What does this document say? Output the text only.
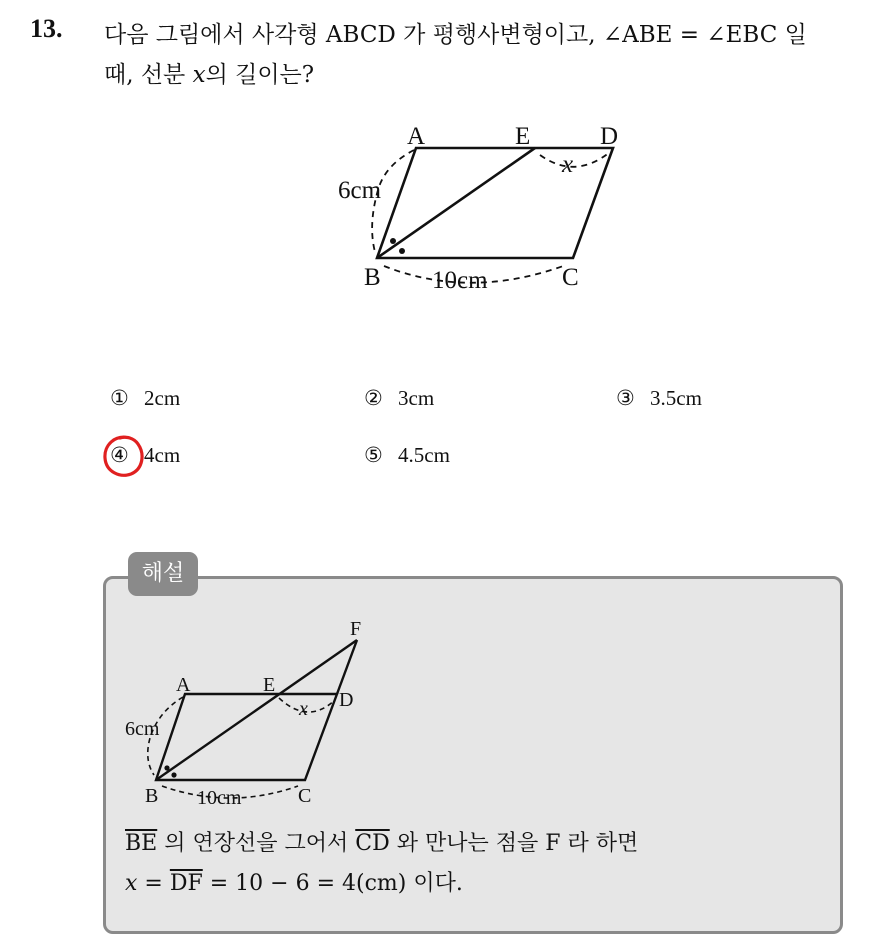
13. 다음 그림에서 사각형 ABCD 가 평행사변형이고, ∠ABE = ∠EBC 일
때, 선분 x의 길이는?
A	E	D
B	C
x
6cm
10cm
① 2cm	② 3cm	③ 3.5cm
④ 4cm	⑤ 4.5cm
해설
A	E
D
F
B	C
x
6cm
10cm
$\overline{BE}$ 의 연장선을 그어서 $\overline{CD}$ 와 만나는 점을 F 라 하면
$x = \overline{DF} = 10 - 6 = 4(cm)$ 이다.
